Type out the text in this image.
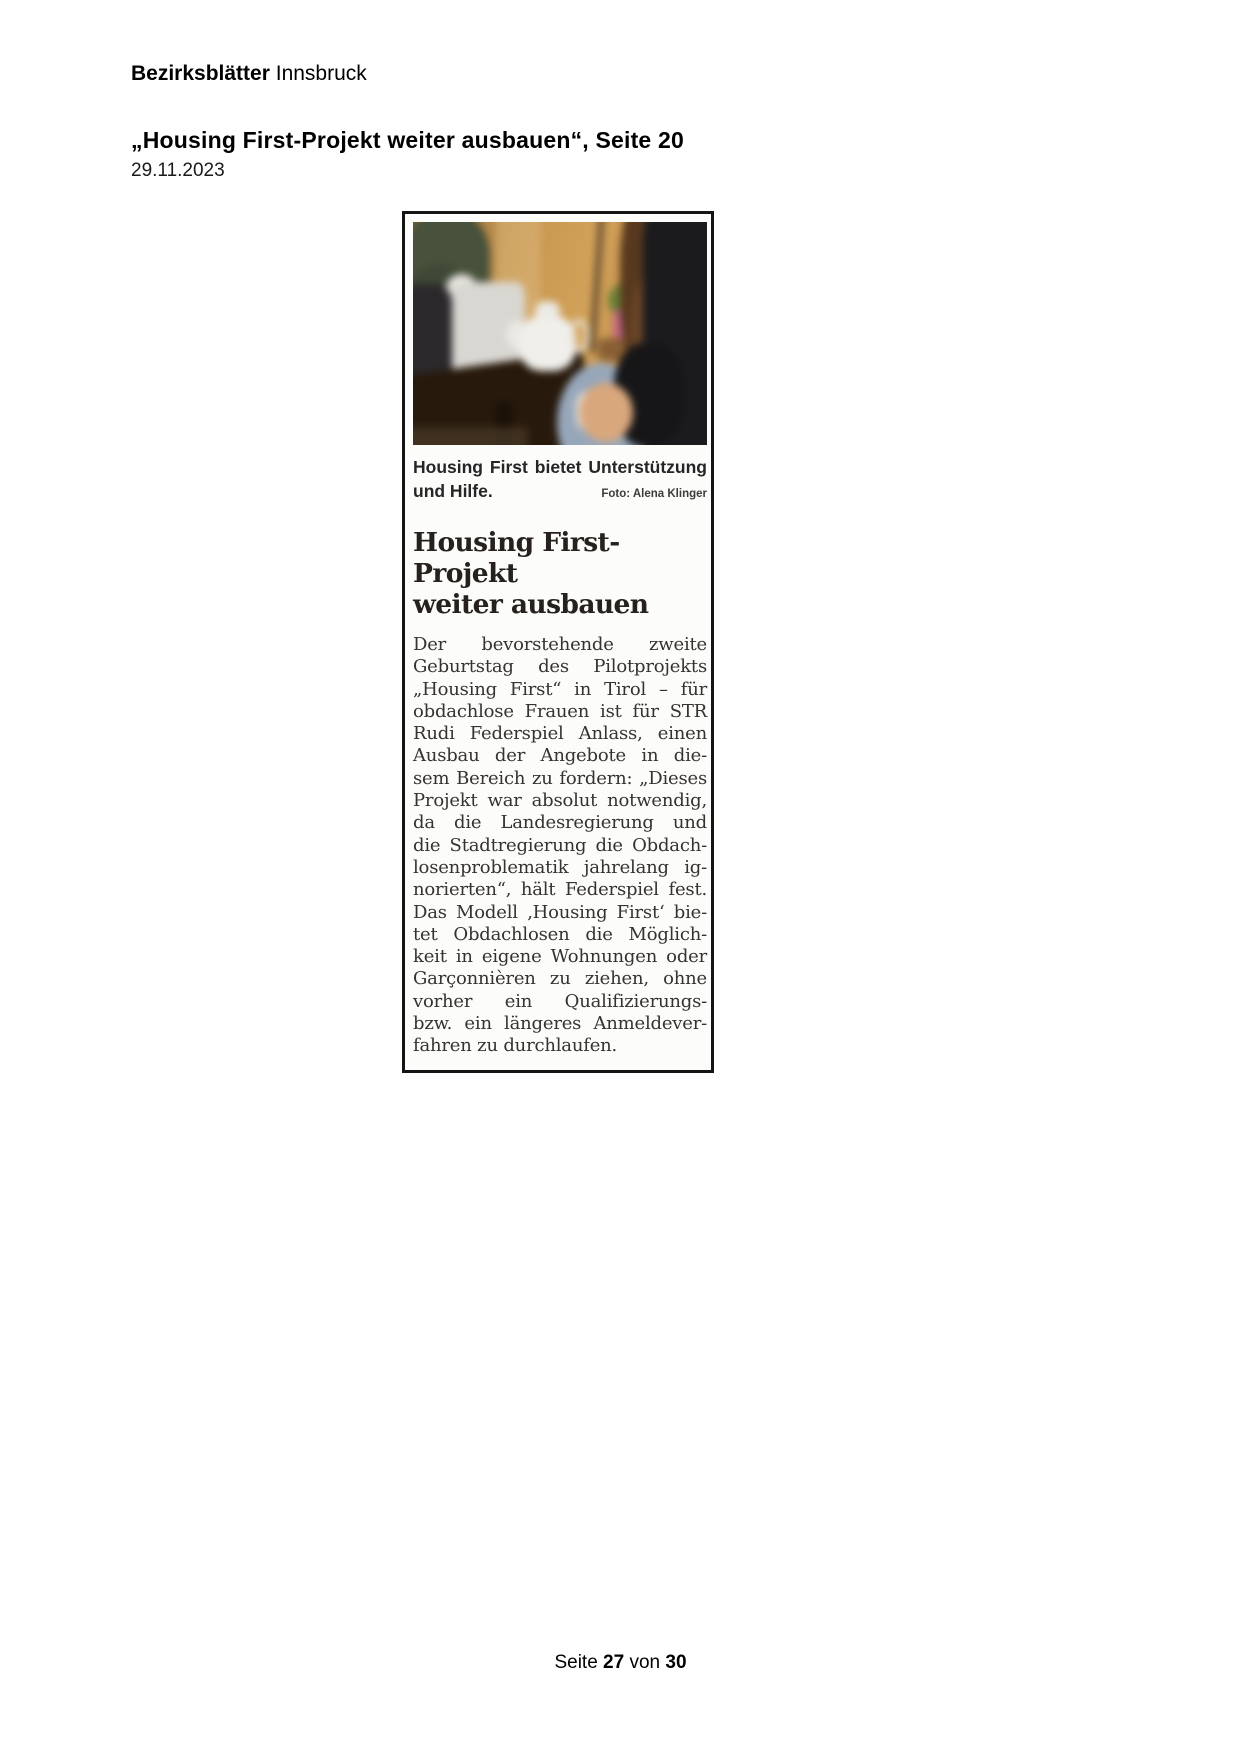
Bezirksblätter Innsbruck
„Housing First-Projekt weiter ausbauen“, Seite 20
29.11.2023
Housing First bietet Unterstützung
und Hilfe.	Foto: Alena Klinger
Housing First-Projekt
weiter ausbauen
Der bevorstehende zweite
Geburtstag des Pilotprojekts
„Housing First“ in Tirol – für
obdachlose Frauen ist für STR
Rudi Federspiel Anlass, einen
Ausbau der Angebote in die-
sem Bereich zu fordern: „Dieses
Projekt war absolut notwendig,
da die Landesregierung und
die Stadtregierung die Obdach-
losenproblematik jahrelang ig-
norierten“, hält Federspiel fest.
Das Modell ‚Housing First‘ bie-
tet Obdachlosen die Möglich-
keit in eigene Wohnungen oder
Garçonnièren zu ziehen, ohne
vorher ein Qualifizierungs-
bzw. ein längeres Anmeldever-
fahren zu durchlaufen.
Seite 27 von 30
